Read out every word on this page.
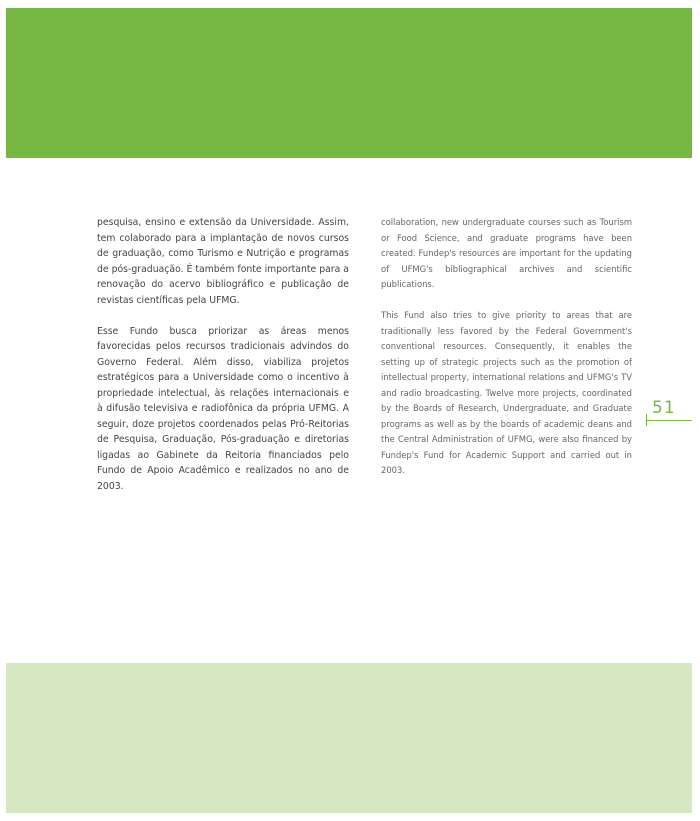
pesquisa, ensino e extensão da Universidade. Assim, tem colaborado para a implantação de novos cursos de graduação, como Turismo e Nutrição e programas de pós-graduação. É também fonte importante para a renovação do acervo bibliográfico e publicação de revistas científicas pela UFMG.

Esse Fundo busca priorizar as áreas menos favorecidas pelos recursos tradicionais advindos do Governo Federal. Além disso, viabiliza projetos estratégicos para a Universidade como o incentivo à propriedade intelectual, às relações internacionais e à difusão televisiva e radiofônica da própria UFMG. A seguir, doze projetos coordenados pelas Pró-Reitorias de Pesquisa, Graduação, Pós-graduação e diretorias ligadas ao Gabinete da Reitoria financiados pelo Fundo de Apoio Acadêmico e realizados no ano de 2003.

collaboration, new undergraduate courses such as Tourism or Food Science, and graduate programs have been created. Fundep's resources are important for the updating of UFMG's bibliographical archives and scientific publications.

This Fund also tries to give priority to areas that are traditionally less favored by the Federal Government's conventional resources. Consequently, it enables the setting up of strategic projects such as the promotion of intellectual property, international relations and UFMG's TV and radio broadcasting. Twelve more projects, coordinated by the Boards of Research, Undergraduate, and Graduate programs as well as by the boards of academic deans and the Central Administration of UFMG, were also financed by Fundep's Fund for Academic Support and carried out in 2003.

51
